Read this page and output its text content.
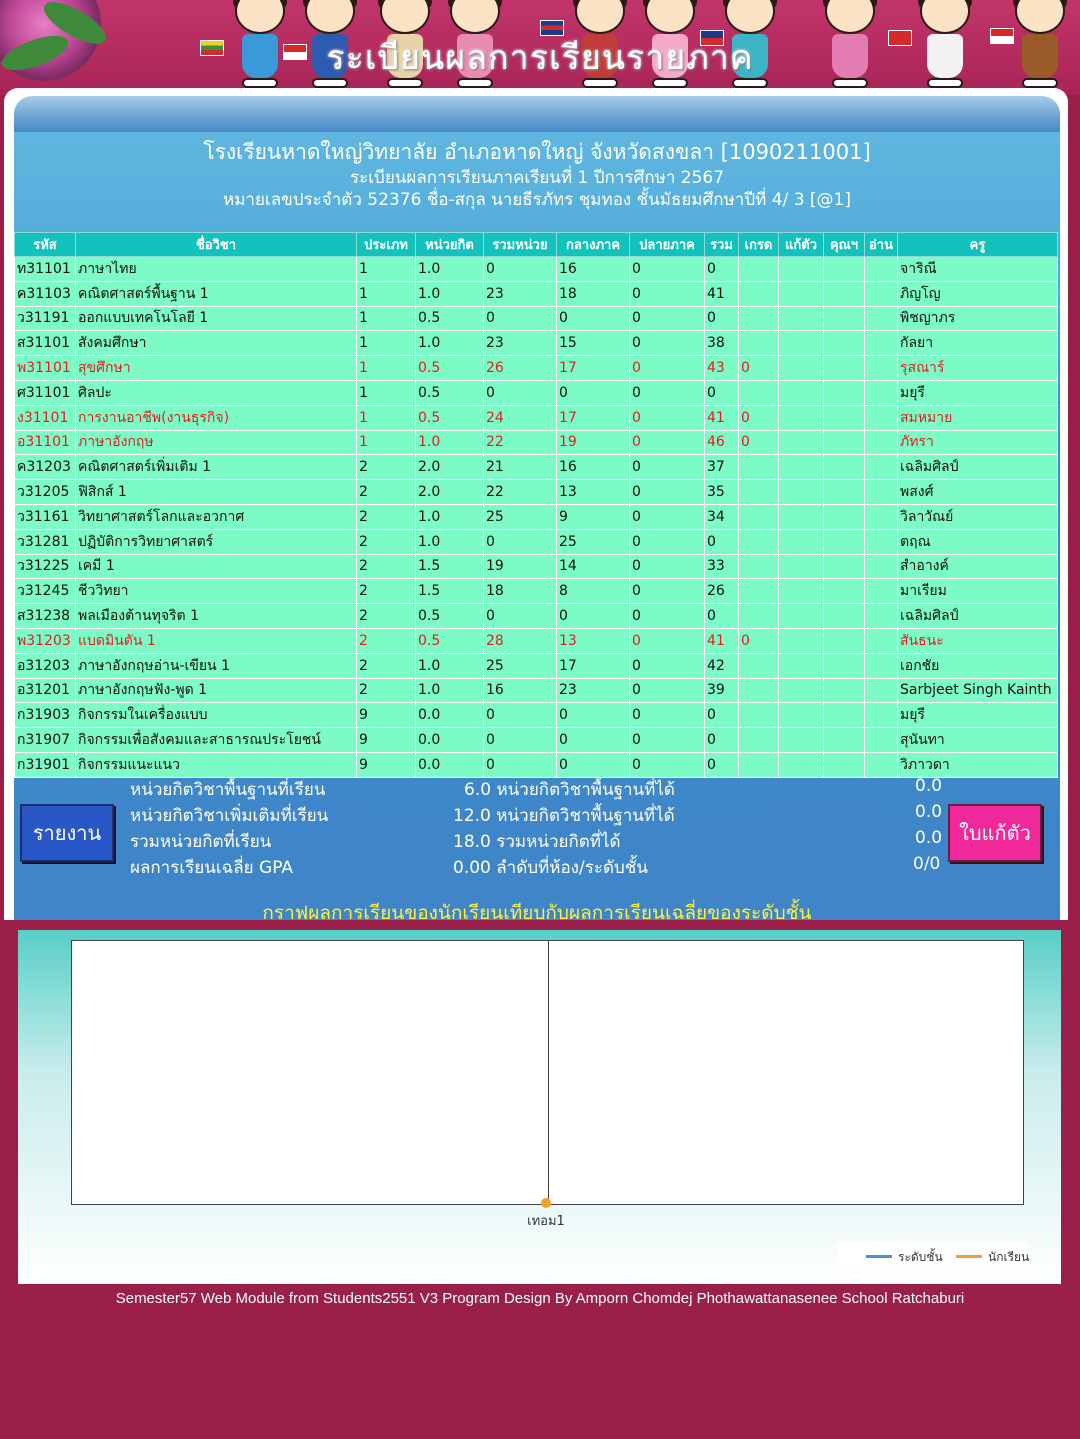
ระเบียนผลการเรียนรายภาค
โรงเรียนหาดใหญ่วิทยาลัย อำเภอหาดใหญ่ จังหวัดสงขลา [1090211001]
ระเบียนผลการเรียนภาคเรียนที่ 1 ปีการศึกษา 2567
หมายเลขประจำตัว 52376 ชื่อ-สกุล นายธีรภัทร ชุมทอง ชั้นมัธยมศึกษาปีที่ 4/ 3 [@1]
รหัส	ชื่อวิชา	ประเภท	หน่วยกิต	รวมหน่วย	กลางภาค	ปลายภาค	รวม	เกรด	แก้ตัว	คุณฯ	อ่าน	ครู
ท31101	ภาษาไทย	1	1.0	0	16	0	0					จาริณี
ค31103	คณิตศาสตร์พื้นฐาน 1	1	1.0	23	18	0	41					ภิญโญ
ว31191	ออกแบบเทคโนโลยี 1	1	0.5	0	0	0	0					พิชญาภร
ส31101	สังคมศึกษา	1	1.0	23	15	0	38					กัลยา
พ31101	สุขศึกษา	1	0.5	26	17	0	43	0				รุสณาร์
ศ31101	ศิลปะ	1	0.5	0	0	0	0					มยุรี
ง31101	การงานอาชีพ(งานธุรกิจ)	1	0.5	24	17	0	41	0				สมหมาย
อ31101	ภาษาอังกฤษ	1	1.0	22	19	0	46	0				ภัทรา
ค31203	คณิตศาสตร์เพิ่มเติม 1	2	2.0	21	16	0	37					เฉลิมศิลป์
ว31205	ฟิสิกส์ 1	2	2.0	22	13	0	35					พสงศ์
ว31161	วิทยาศาสตร์โลกและอวกาศ	2	1.0	25	9	0	34					วิลาวัณย์
ว31281	ปฏิบัติการวิทยาศาสตร์	2	1.0	0	25	0	0					ตฤณ
ว31225	เคมี 1	2	1.5	19	14	0	33					สำอางค์
ว31245	ชีววิทยา	2	1.5	18	8	0	26					มาเรียม
ส31238	พลเมืองต้านทุจริต 1	2	0.5	0	0	0	0					เฉลิมศิลป์
พ31203	แบดมินตัน 1	2	0.5	28	13	0	41	0				สันธนะ
อ31203	ภาษาอังกฤษอ่าน-เขียน 1	2	1.0	25	17	0	42					เอกชัย
อ31201	ภาษาอังกฤษฟัง-พูด 1	2	1.0	16	23	0	39					Sarbjeet Singh Kainth
ก31903	กิจกรรมในเครื่องแบบ	9	0.0	0	0	0	0					มยุรี
ก31907	กิจกรรมเพื่อสังคมและสาธารณประโยชน์	9	0.0	0	0	0	0					สุนันทา
ก31901	กิจกรรมแนะแนว	9	0.0	0	0	0	0					วิภาวดา
หน่วยกิตวิชาพื้นฐานที่เรียน	6.0 หน่วยกิตวิชาพื้นฐานที่ได้	0.0
หน่วยกิตวิชาเพิ่มเติมที่เรียน	12.0 หน่วยกิตวิชาพื้นฐานที่ได้	0.0
รวมหน่วยกิตที่เรียน	18.0 รวมหน่วยกิตที่ได้	0.0
ผลการเรียนเฉลี่ย GPA	0.00 ลำดับที่ห้อง/ระดับชั้น	0/0
รายงาน	ใบแก้ตัว
กราฟผลการเรียนของนักเรียนเทียบกับผลการเรียนเฉลี่ยของระดับชั้น
เทอม1
ระดับชั้น	นักเรียน
Semester57 Web Module from Students2551 V3 Program Design By Amporn Chomdej Phothawattanasenee School Ratchaburi
